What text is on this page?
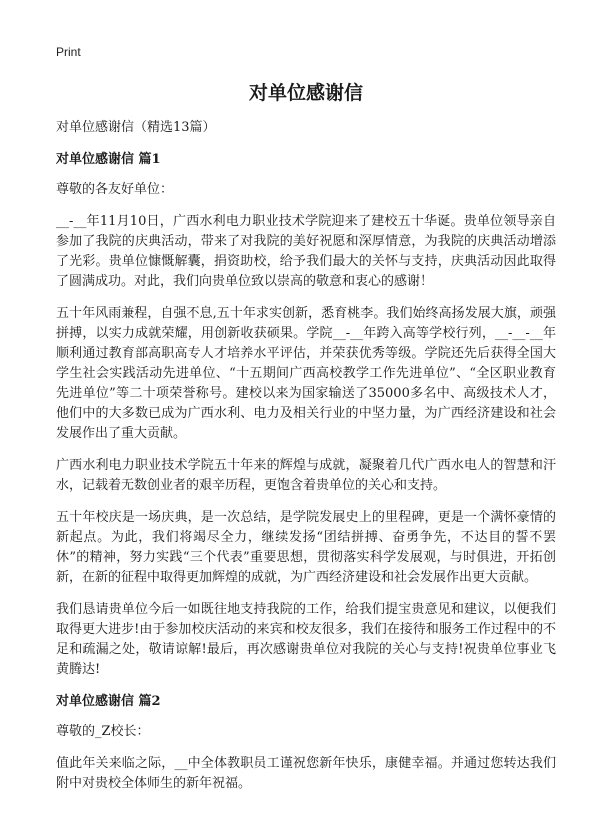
Print
对单位感谢信

对单位感谢信（精选13篇）

对单位感谢信 篇1

尊敬的各友好单位：

__-__年11月10日，广西水利电力职业技术学院迎来了建校五十华诞。贵单位领导亲自参加了我院的庆典活动，带来了对我院的美好祝愿和深厚情意，为我院的庆典活动增添了光彩。贵单位慷慨解囊，捐资助校，给予我们最大的关怀与支持，庆典活动因此取得了圆满成功。对此，我们向贵单位致以崇高的敬意和衷心的感谢！

五十年风雨兼程，自强不息,五十年求实创新，悉育桃李。我们始终高扬发展大旗，顽强拼搏，以实力成就荣耀，用创新收获硕果。学院__-__年跨入高等学校行列，__-__-__年顺利通过教育部高职高专人才培养水平评估，并荣获优秀等级。学院还先后获得全国大学生社会实践活动先进单位、“十五期间广西高校教学工作先进单位”、“全区职业教育先进单位”等二十项荣誉称号。建校以来为国家输送了35000多名中、高级技术人才，他们中的大多数已成为广西水利、电力及相关行业的中坚力量，为广西经济建设和社会发展作出了重大贡献。

广西水利电力职业技术学院五十年来的辉煌与成就，凝聚着几代广西水电人的智慧和汗水，记载着无数创业者的艰辛历程，更饱含着贵单位的关心和支持。

五十年校庆是一场庆典，是一次总结，是学院发展史上的里程碑，更是一个满怀豪情的新起点。为此，我们将竭尽全力，继续发扬“团结拼搏、奋勇争先，不达目的誓不罢休”的精神，努力实践“三个代表”重要思想，贯彻落实科学发展观，与时俱进，开拓创新，在新的征程中取得更加辉煌的成就，为广西经济建设和社会发展作出更大贡献。

我们恳请贵单位今后一如既往地支持我院的工作，给我们提宝贵意见和建议，以便我们取得更大进步!由于参加校庆活动的来宾和校友很多，我们在接待和服务工作过程中的不足和疏漏之处，敬请谅解!最后，再次感谢贵单位对我院的关心与支持!祝贵单位事业飞黄腾达!

对单位感谢信 篇2

尊敬的_Z校长：

值此年关来临之际，__中全体教职员工谨祝您新年快乐，康健幸福。并通过您转达我们附中对贵校全体师生的新年祝福。
